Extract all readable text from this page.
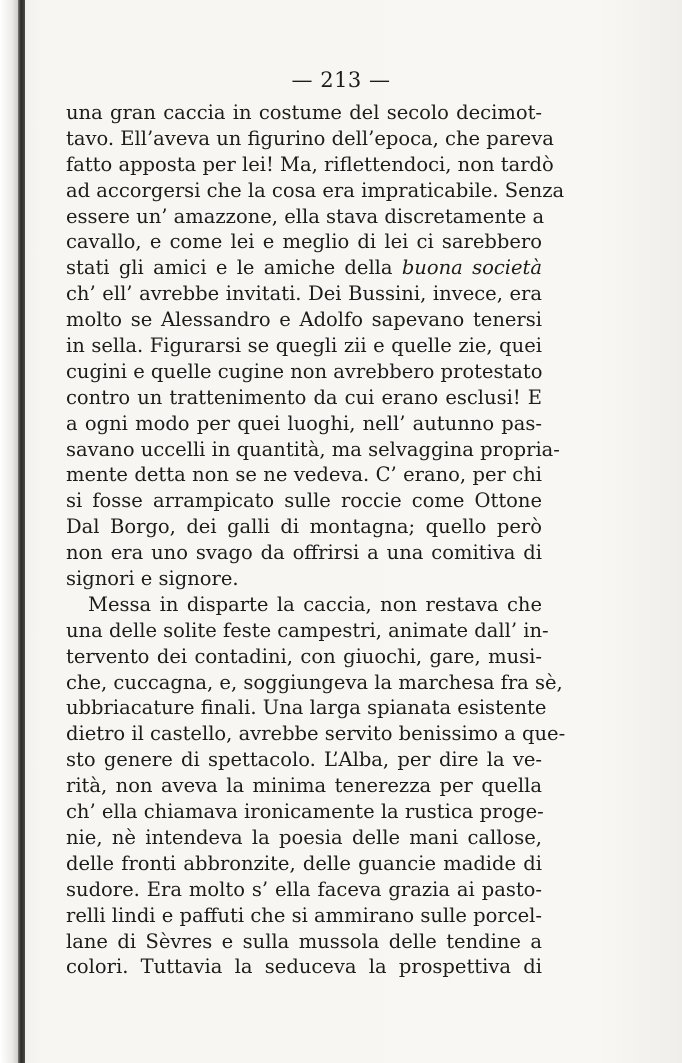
— 213 —
una gran caccia in costume del secolo decimot-
tavo. Ell’aveva un figurino dell’epoca, che pareva
fatto apposta per lei! Ma, riflettendoci, non tardò
ad accorgersi che la cosa era impraticabile. Senza
essere un’ amazzone, ella stava discretamente a
cavallo, e come lei e meglio di lei ci sarebbero
stati gli amici e le amiche della buona società
ch’ ell’ avrebbe invitati. Dei Bussini, invece, era
molto se Alessandro e Adolfo sapevano tenersi
in sella. Figurarsi se quegli zii e quelle zie, quei
cugini e quelle cugine non avrebbero protestato
contro un trattenimento da cui erano esclusi! E
a ogni modo per quei luoghi, nell’ autunno pas-
savano uccelli in quantità, ma selvaggina propria-
mente detta non se ne vedeva. C’ erano, per chi
si fosse arrampicato sulle roccie come Ottone
Dal Borgo, dei galli di montagna; quello però
non era uno svago da offrirsi a una comitiva di
signori e signore.
Messa in disparte la caccia, non restava che
una delle solite feste campestri, animate dall’ in-
tervento dei contadini, con giuochi, gare, musi-
che, cuccagna, e, soggiungeva la marchesa fra sè,
ubbriacature finali. Una larga spianata esistente
dietro il castello, avrebbe servito benissimo a que-
sto genere di spettacolo. L’Alba, per dire la ve-
rità, non aveva la minima tenerezza per quella
ch’ ella chiamava ironicamente la rustica proge-
nie, nè intendeva la poesia delle mani callose,
delle fronti abbronzite, delle guancie madide di
sudore. Era molto s’ ella faceva grazia ai pasto-
relli lindi e paffuti che si ammirano sulle porcel-
lane di Sèvres e sulla mussola delle tendine a
colori. Tuttavia la seduceva la prospettiva di
